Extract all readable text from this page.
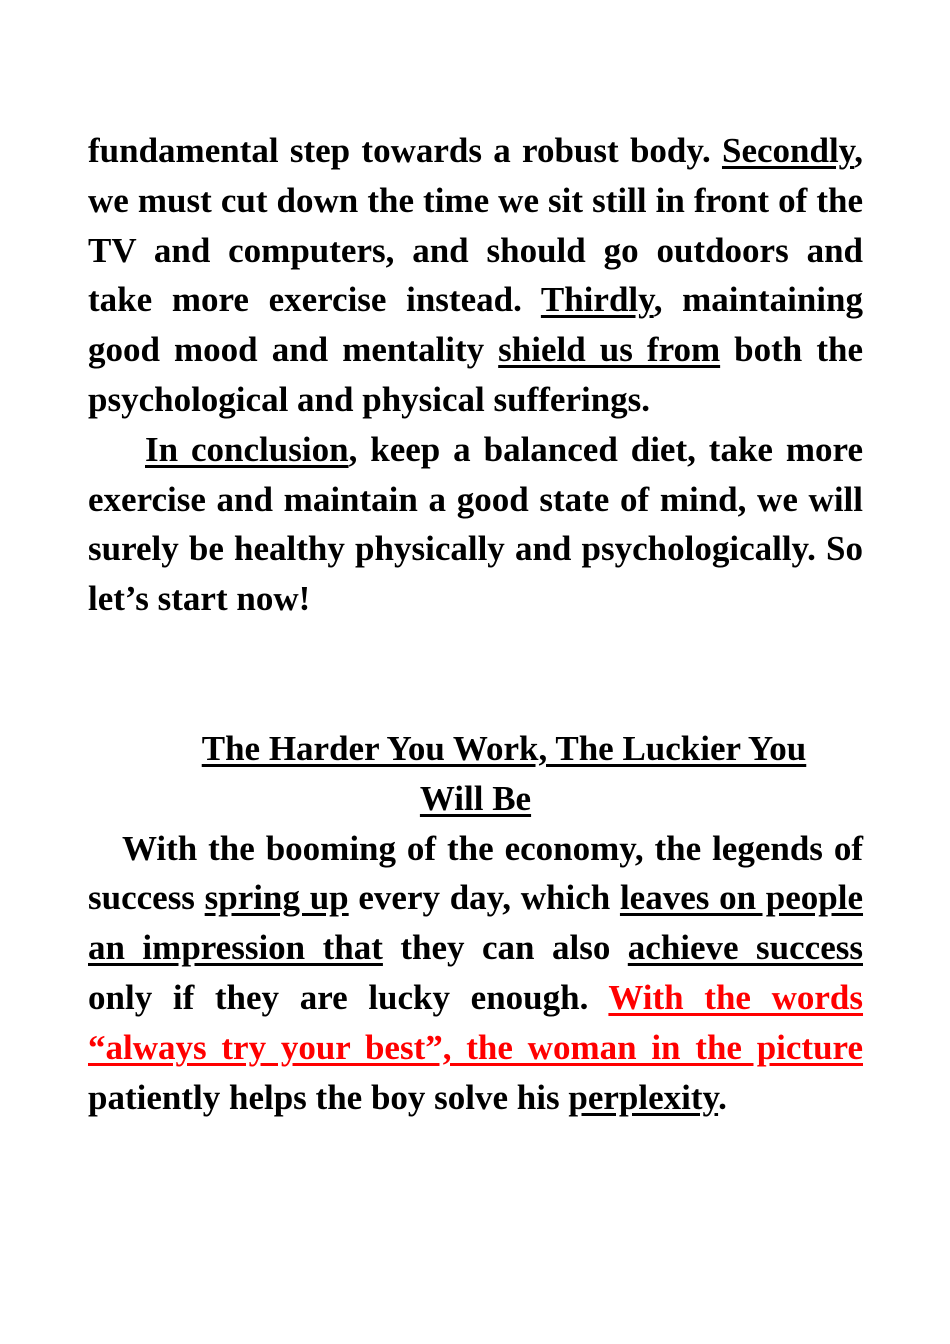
fundamental step towards a robust body. Secondly, we must cut down the time we sit still in front of the TV and computers, and should go outdoors and take more exercise instead. Thirdly, maintaining good mood and mentality shield us from both the psychological and physical sufferings.

In conclusion, keep a balanced diet, take more exercise and maintain a good state of mind, we will surely be healthy physically and psychologically. So let’s start now!

The Harder You Work, The Luckier You

Will Be

With the booming of the economy, the legends of success spring up every day, which leaves on people an impression that they can also achieve success only if they are lucky enough. With the words “always try your best”, the woman in the picture patiently helps the boy solve his perplexity.
